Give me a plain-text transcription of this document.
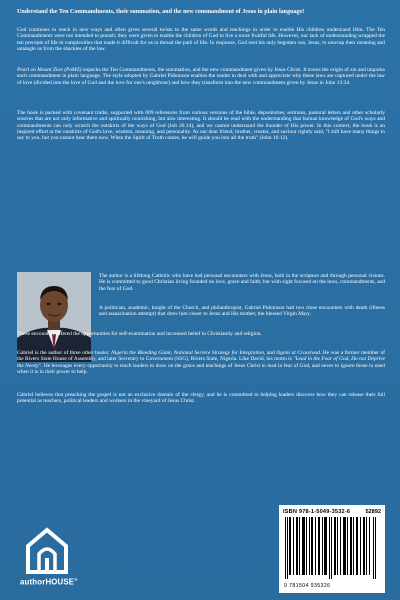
Understand the Ten Commandments, their summation, and the new commandment of Jesus in plain language!
God continues to reach in new ways and often gives several twists to the same words and teachings in order to enable His children understand Him. The Ten Commandments were not intended to punish; they were given to enable the children of God to live a more fruitful life. However, our lack of understanding wrapped the ten precepts of life in complexities that made it difficult for us to thread the path of life. In response, God sent his only begotten son, Jesus, to unwrap their meaning and untangle us from the shackles of the law.
Pearl on Mount Zion (PoMZ) unpacks the Ten Commandments, the summation, and the new commandment given by Jesus Christ. It traces the origin of sin and unpacks each commandment in plain language. The style adopted by Gabriel Pidomson enables the reader to deal with and appreciate why these laws are captured under the law of love (divided into the love of God and the love for one's neighbour) and how they transform into the new commandment given by Jesus in John 13:34.
The book is packed with covenant truths, supported with 809 references from various versions of the bible, depositories, sermons, pastoral letters and other scholarly sources that are not only informative and spiritually nourishing, but also interesting. It should be read with the understanding that human knowledge of God's ways and commandments can only scratch the outskirts of the ways of God (Job 26:14), and we cannot understand the thunder of His power. In this context, the book is an inspired effort at the outskirts of God's love, wisdom, meaning, and personality. As our dear friend, brother, creator, and saviour rightly said, "I still have many things to say to you, but you cannot bear them now. When the Spirit of Truth comes, he will guide you into all the truth" (John 16:12).
The author is a lifelong Catholic who have had personal encounters with Jesus, both in the scripture and through personal visions. He is committed to good Christian living founded on love, grace and faith; but with sight focused on the laws, commandments, and the fear of God.
A politician, academic, knight of the Church, and philanthropist, Gabriel Pidomson had two close encounters with death (illness and assassination attempt) that drew him closer to Jesus and His mother, the blessed Virgin Mary.
These encounters offered the opportunities for self-examination and increased belief in Christianity and religion.
Gabriel is the author of three other books: Nigeria the Bleeding Giant, National Service Strategy for Integration, and Ogoni at Crossroad. He was a former member of the Rivers State House of Assembly, and later Secretary to Government (SSG), Rivers State, Nigeria. Like David, his motto is "Lead in the Fear of God, Do not Deprive the Needy". He leverages every opportunity to teach leaders to draw on the grace and teachings of Jesus Christ to lead in fear of God, and never to ignore those in need when it is in their power to help.
Gabriel believes that preaching the gospel is not an exclusive domain of the clergy, and he is committed to helping leaders discover how they can release their full potential as teachers, political leaders and workers in the vineyard of Jesus Christ.
authorHOUSE®
ISBN 978-1-5049-3532-6
9 781504 935326
52892
